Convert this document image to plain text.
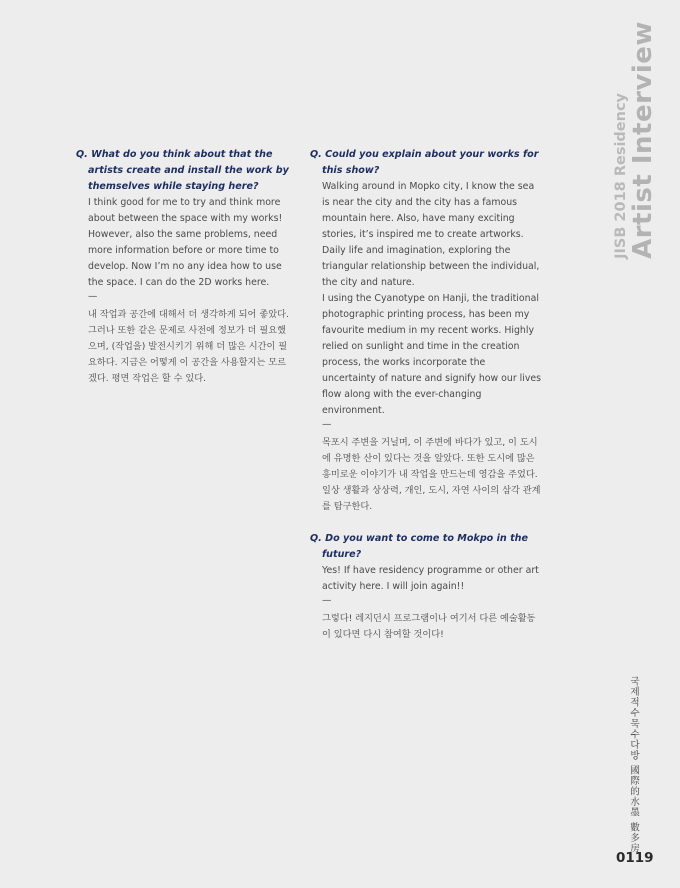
JISB 2018 Residency Artist Interview

Q. What do you think about that the artists create and install the work by themselves while staying here?

I think good for me to try and think more about between the space with my works! However, also the same problems, need more information before or more time to develop. Now I’m no any idea how to use the space. I can do the 2D works here.

—

내 작업과 공간에 대해서 더 생각하게 되어 좋았다. 그러나 또한 같은 문제로 사전에 정보가 더 필요했으며, (작업을) 발전시키기 위해 더 많은 시간이 필요하다. 지금은 어떻게 이 공간을 사용할지는 모르겠다. 평면 작업은 할 수 있다.

Q. Could you explain about your works for this show?

Walking around in Mopko city, I know the sea is near the city and the city has a famous mountain here. Also, have many exciting stories, it’s inspired me to create artworks. Daily life and imagination, exploring the triangular relationship between the individual, the city and nature.

I using the Cyanotype on Hanji, the traditional photographic printing process, has been my favourite medium in my recent works. Highly relied on sunlight and time in the creation process, the works incorporate the uncertainty of nature and signify how our lives flow along with the ever-changing environment.

—

목포시 주변을 거닐며, 이 주변에 바다가 있고, 이 도시에 유명한 산이 있다는 것을 알았다. 또한 도시에 많은 흥미로운 이야기가 내 작업을 만드는데 영감을 주었다. 일상 생활과 상상력, 개인, 도시, 자연 사이의 삼각 관계를 탐구한다.

Q. Do you want to come to Mokpo in the future?

Yes! If have residency programme or other art activity here. I will join again!!

—

그렇다! 레지던시 프로그램이나 여기서 다른 예술활동이 있다면 다시 참여할 것이다!

국제적수묵수다방 國際的水墨 數多房
0119
